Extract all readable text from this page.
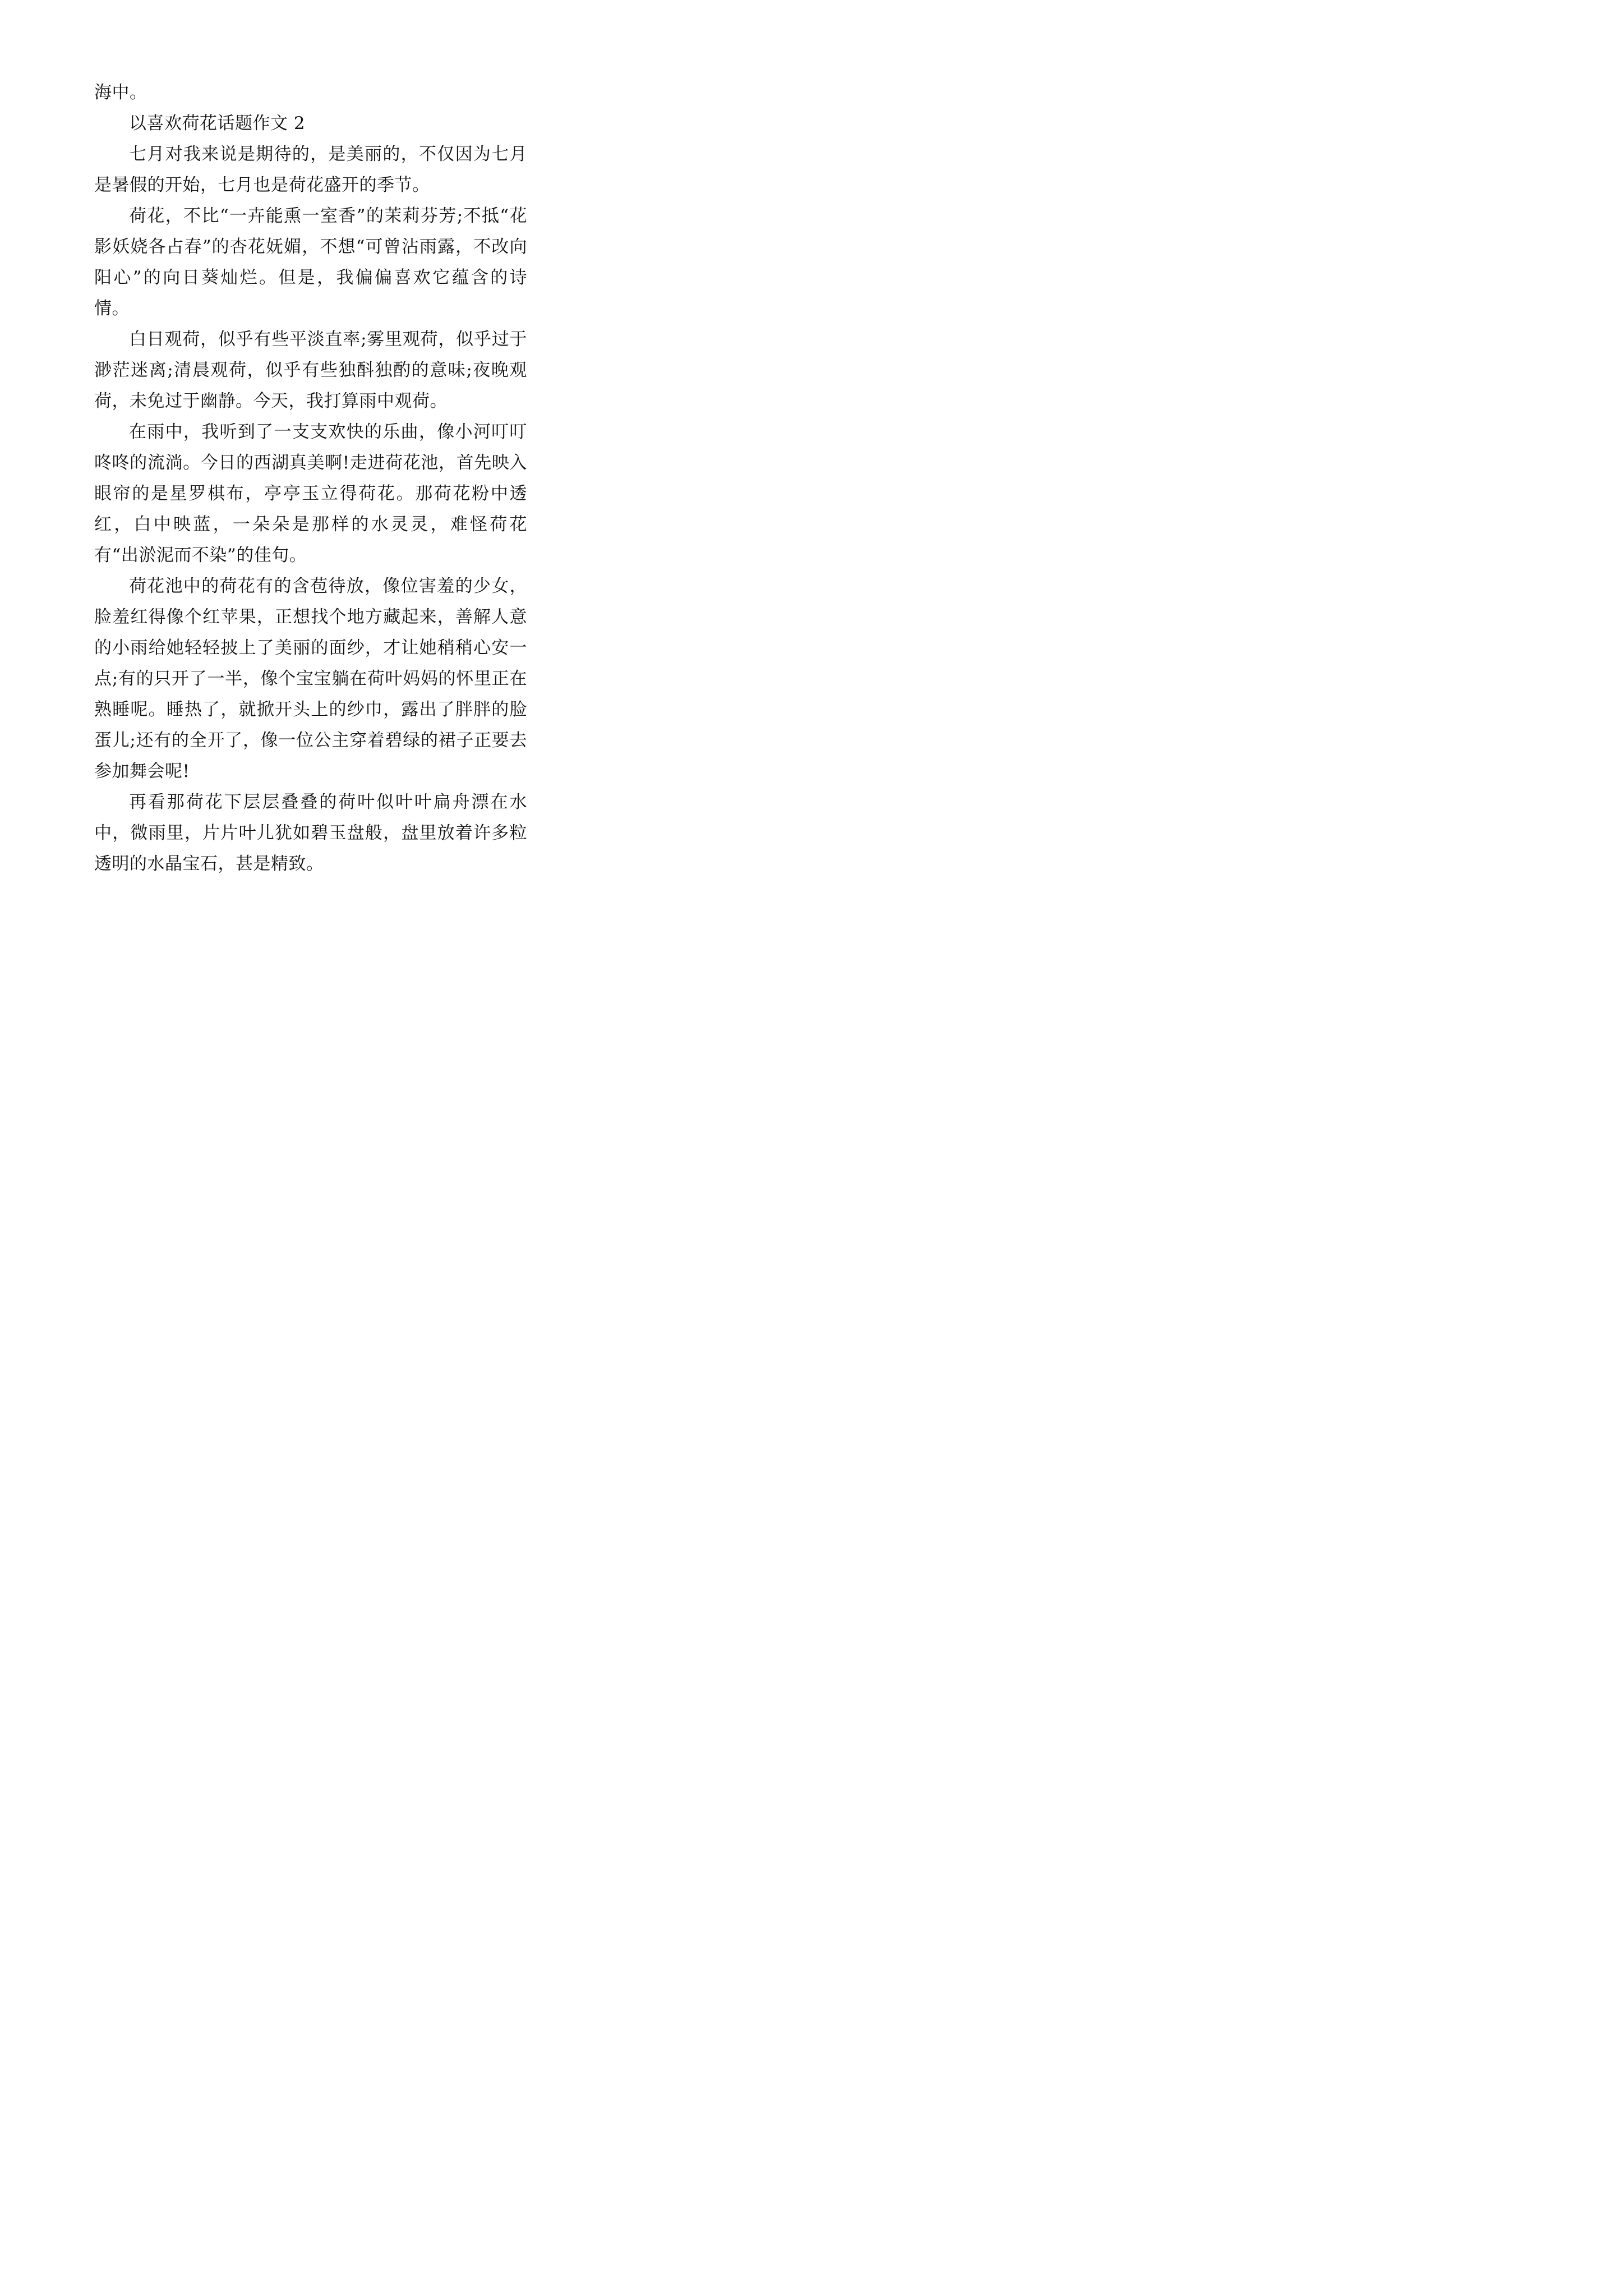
海中。

以喜欢荷花话题作文 2

七月对我来说是期待的，是美丽的，不仅因为七月是暑假的开始，七月也是荷花盛开的季节。

荷花，不比“一卉能熏一室香”的茉莉芬芳;不抵“花影妖娆各占春”的杏花妩媚，不想“可曾沾雨露，不改向阳心”的向日葵灿烂。但是，我偏偏喜欢它蕴含的诗情。

白日观荷，似乎有些平淡直率;雾里观荷，似乎过于渺茫迷离;清晨观荷，似乎有些独酙独酌的意味;夜晚观荷，未免过于幽静。今天，我打算雨中观荷。

在雨中，我听到了一支支欢快的乐曲，像小河叮叮咚咚的流淌。今日的西湖真美啊!走进荷花池，首先映入眼帘的是星罗棋布，亭亭玉立得荷花。那荷花粉中透红，白中映蓝，一朵朵是那样的水灵灵，难怪荷花有“出淤泥而不染”的佳句。

荷花池中的荷花有的含苞待放，像位害羞的少女，脸羞红得像个红苹果，正想找个地方藏起来，善解人意的小雨给她轻轻披上了美丽的面纱，才让她稍稍心安一点;有的只开了一半，像个宝宝躺在荷叶妈妈的怀里正在熟睡呢。睡热了，就掀开头上的纱巾，露出了胖胖的脸蛋儿;还有的全开了，像一位公主穿着碧绿的裙子正要去参加舞会呢!

再看那荷花下层层叠叠的荷叶似叶叶扁舟漂在水中，微雨里，片片叶儿犹如碧玉盘般，盘里放着许多粒透明的水晶宝石，甚是精致。
